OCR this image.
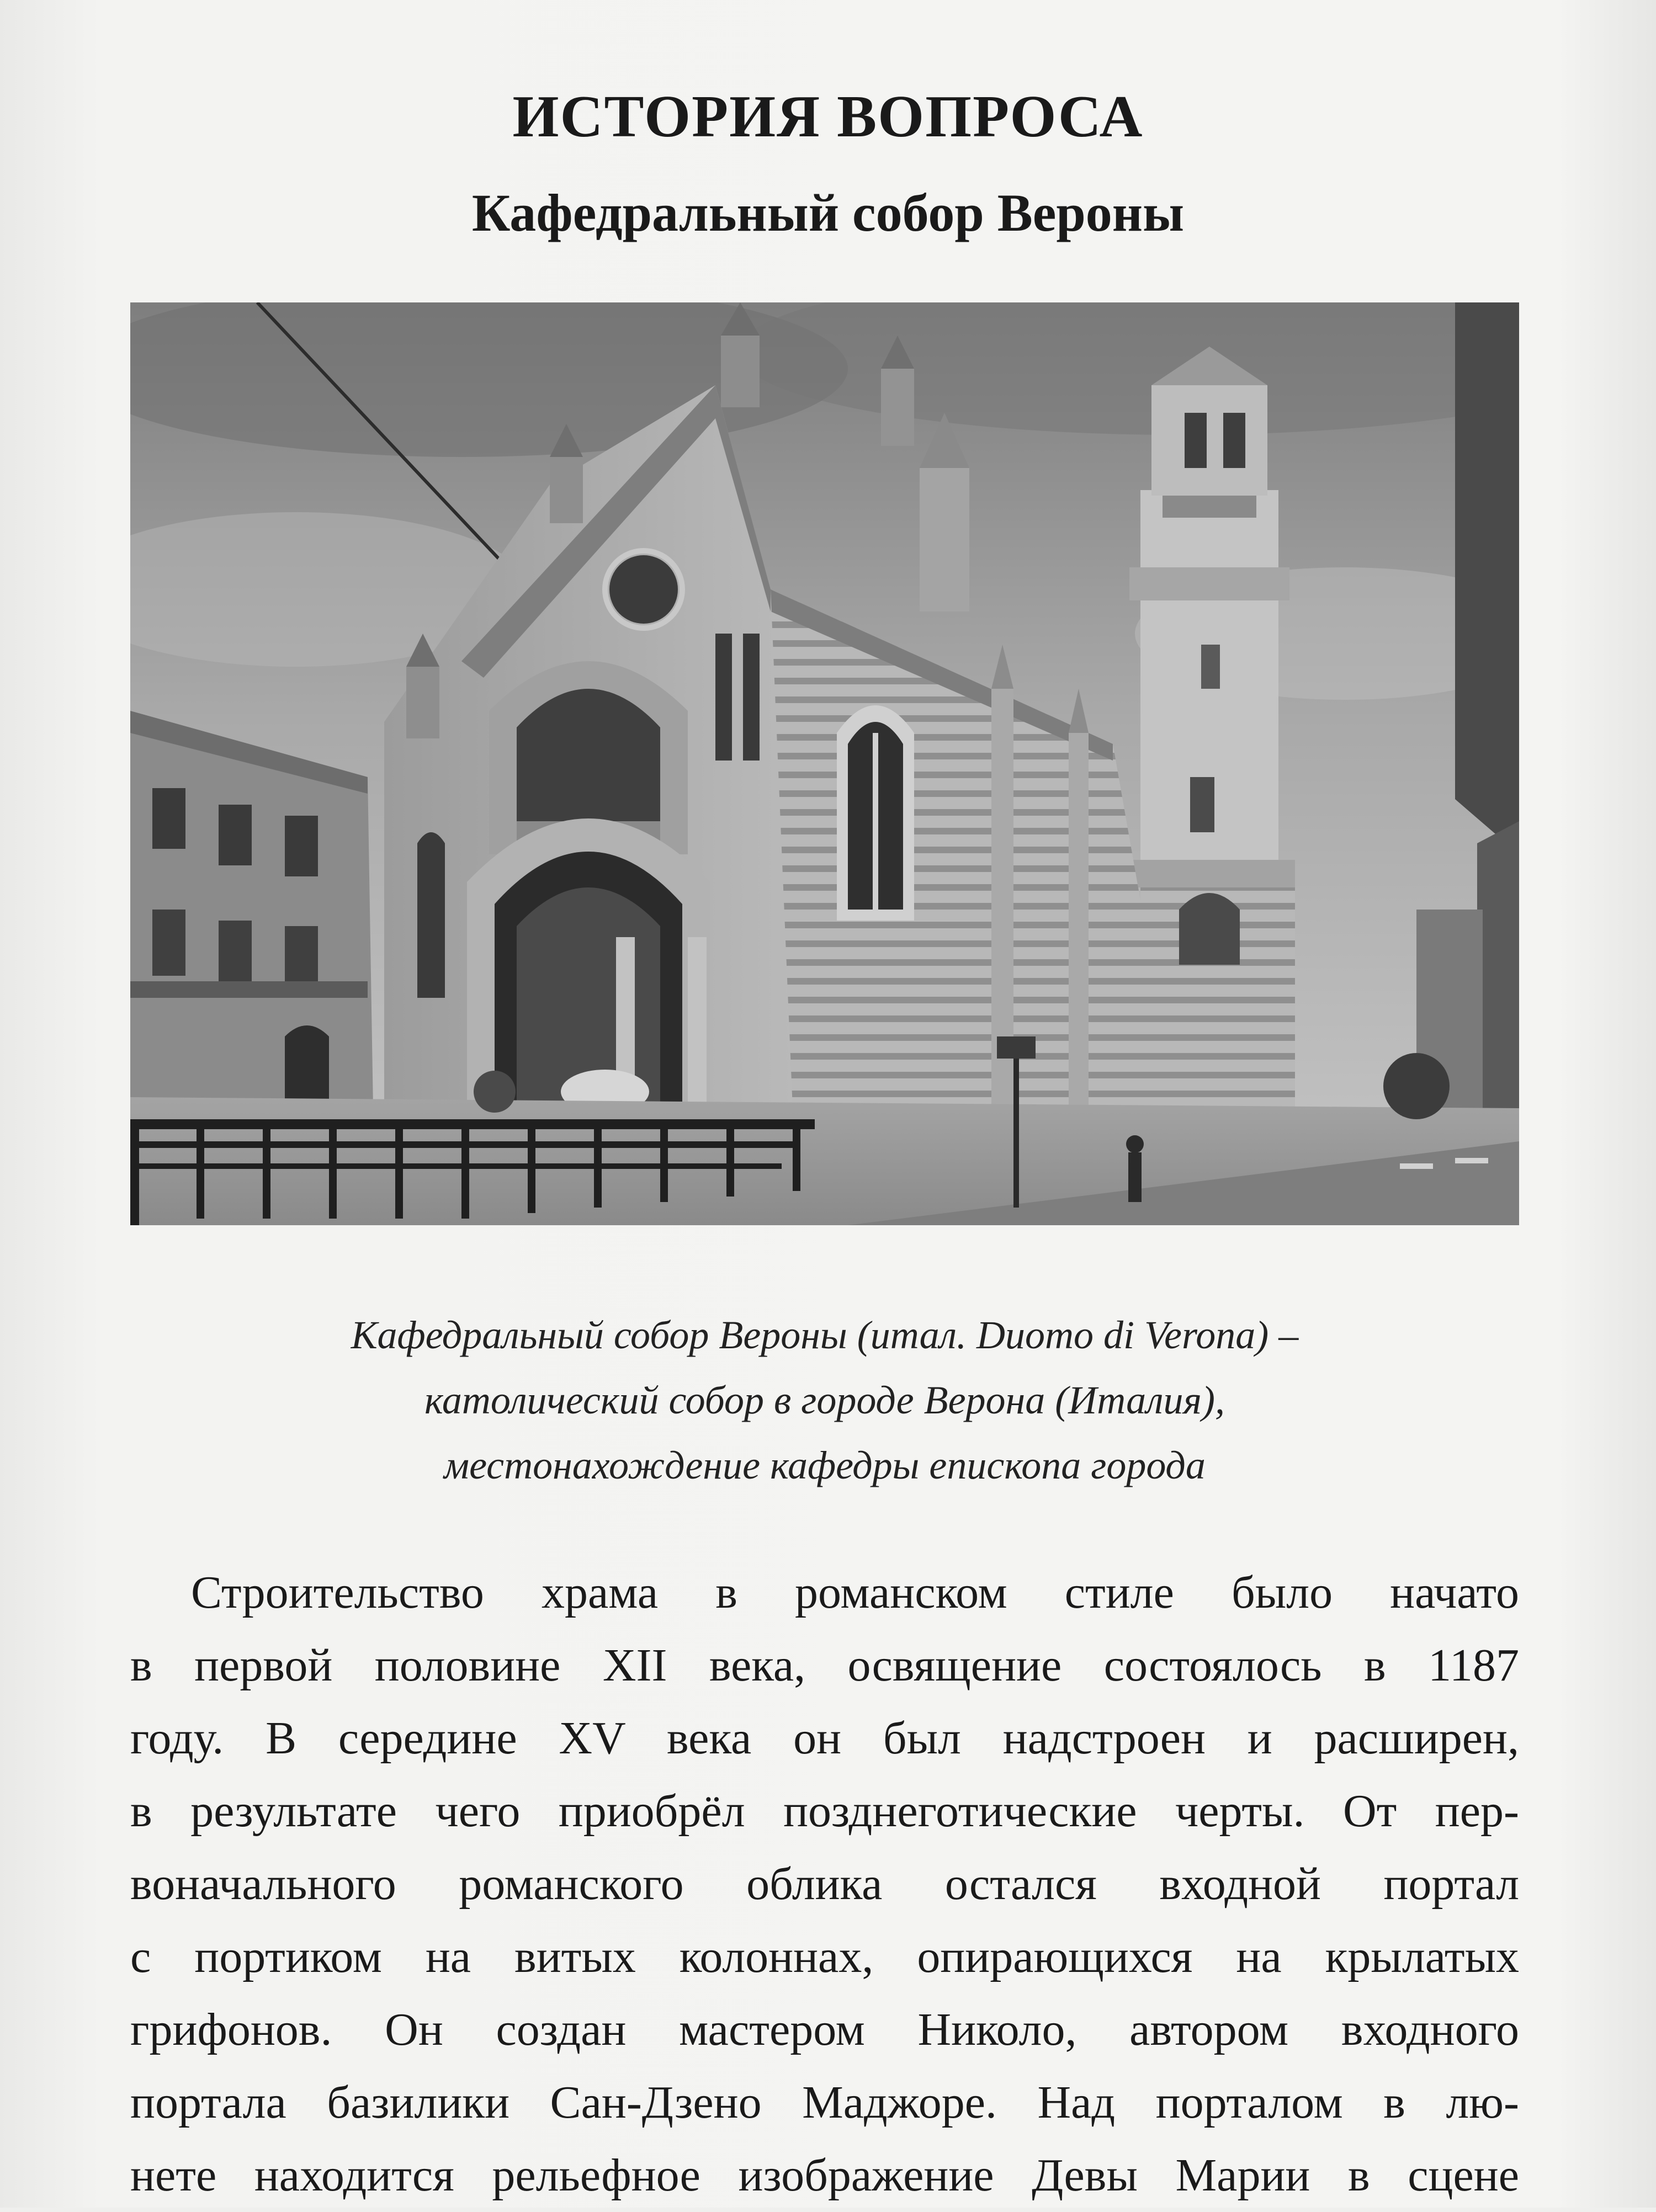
ИСТОРИЯ ВОПРОСА
Кафедральный собор Вероны
Кафедральный собор Вероны (итал. Duomo di Verona) –
католический собор в городе Верона (Италия),
местонахождение кафедры епископа города
Строительство храма в романском стиле было начато
в первой половине XII века, освящение состоялось в 1187
году. В середине XV века он был надстроен и расширен,
в результате чего приобрёл позднеготические черты. От пер-
воначального романского облика остался входной портал
с портиком на витых колоннах, опирающихся на крылатых
грифонов. Он создан мастером Николо, автором входного
портала базилики Сан-Дзено Маджоре. Над порталом в лю-
нете находится рельефное изображение Девы Марии в сцене
